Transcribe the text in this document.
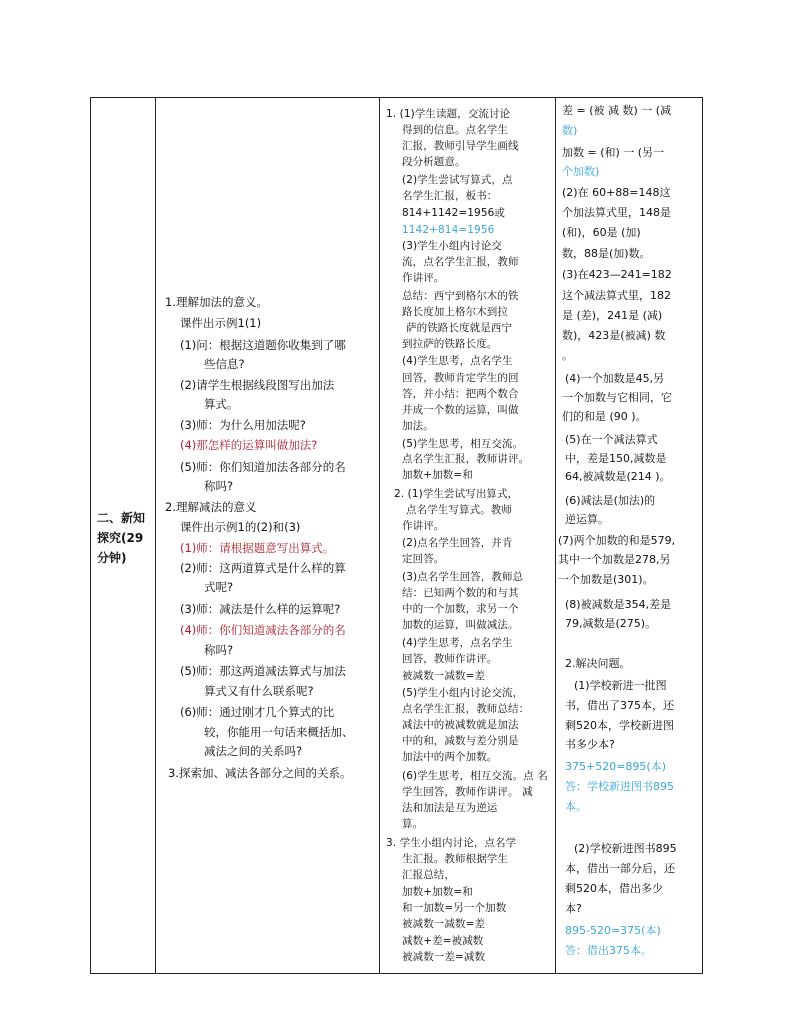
二、新知
探究(29
分钟)
1.理解加法的意义。
课件出示例1(1)
(1)问：根据这道题你收集到了哪
些信息?
(2)请学生根据线段图写出加法
算式。
(3)师：为什么用加法呢?
(4)那怎样的运算叫做加法?
(5)师：你们知道加法各部分的名
称吗?
2.理解减法的意义
课件出示例1的(2)和(3)
(1)师：请根据题意写出算式。
(2)师：这两道算式是什么样的算
式呢?
(3)师：减法是什么样的运算呢?
(4)师：你们知道减法各部分的名
称吗?
(5)师：那这两道减法算式与加法
算式又有什么联系呢?
(6)师：通过刚才几个算式的比
较，你能用一句话来概括加、
减法之间的关系吗?
3.探索加、减法各部分之间的关系。
1. (1)学生读题，交流讨论
得到的信息。点名学生
汇报，教师引导学生画线
段分析题意。
(2)学生尝试写算式，点
名学生汇报，板书：
814+1142=1956或
1142+814=1956
(3)学生小组内讨论交
流，点名学生汇报，教师
作讲评。
总结：西宁到格尔木的铁
路长度加上格尔木到拉
萨的铁路长度就是西宁
到拉萨的铁路长度。
(4)学生思考，点名学生
回答，教师肯定学生的回
答，并小结：把两个数合
并成一个数的运算，叫做
加法。
(5)学生思考，相互交流。
点名学生汇报，教师讲评。
加数+加数=和
2. (1)学生尝试写出算式，
点名学生写算式。教师
作讲评。
(2)点名学生回答，并肯
定回答。
(3)点名学生回答，教师总
结：已知两个数的和与其
中的一个加数，求另一个
加数的运算，叫做减法。
(4)学生思考，点名学生
回答，教师作讲评。
被减数一减数=差
(5)学生小组内讨论交流，
点名学生汇报，教师总结：
减法中的被减数就是加法
中的和，减数与差分别是
加法中的两个加数。
(6)学生思考，相互交流。点 名
学生回答，教师作讲评。 减
法和加法是互为逆运
算。
3. 学生小组内讨论，点名学
生汇报。教师根据学生
汇报总结，
加数+加数=和
和一加数=另一个加数
被减数一减数=差
减数+差=被减数
被减数一差=减数
差 = (被 减 数) 一 (减
数)
加数 = (和) 一 (另一
个加数)
(2)在 60+88=148这
个加法算式里，148是
(和)，60是 (加)
数，88是(加)数。
(3)在423—241=182
这个减法算式里，182
是 (差)，241是 (减)
数)，423是(被减) 数
。
(4)一个加数是45,另
一个加数与它相同，它
们的和是 (90 )。
(5)在一个减法算式
中，差是150,减数是
64,被减数是(214 )。
(6)减法是(加法)的
逆运算。
(7)两个加数的和是579,
其中一个加数是278,另
一个加数是(301)。
(8)被减数是354,差是
79,减数是(275)。
2.解决问题。
(1)学校新进一批图
书，借出了375本，还
剩520本，学校新进图
书多少本?
375+520=895(本)
答：学校新进图书895
本。
(2)学校新进图书895
本，借出一部分后，还
剩520本，借出多少
本?
895-520=375(本)
答：借出375本。
